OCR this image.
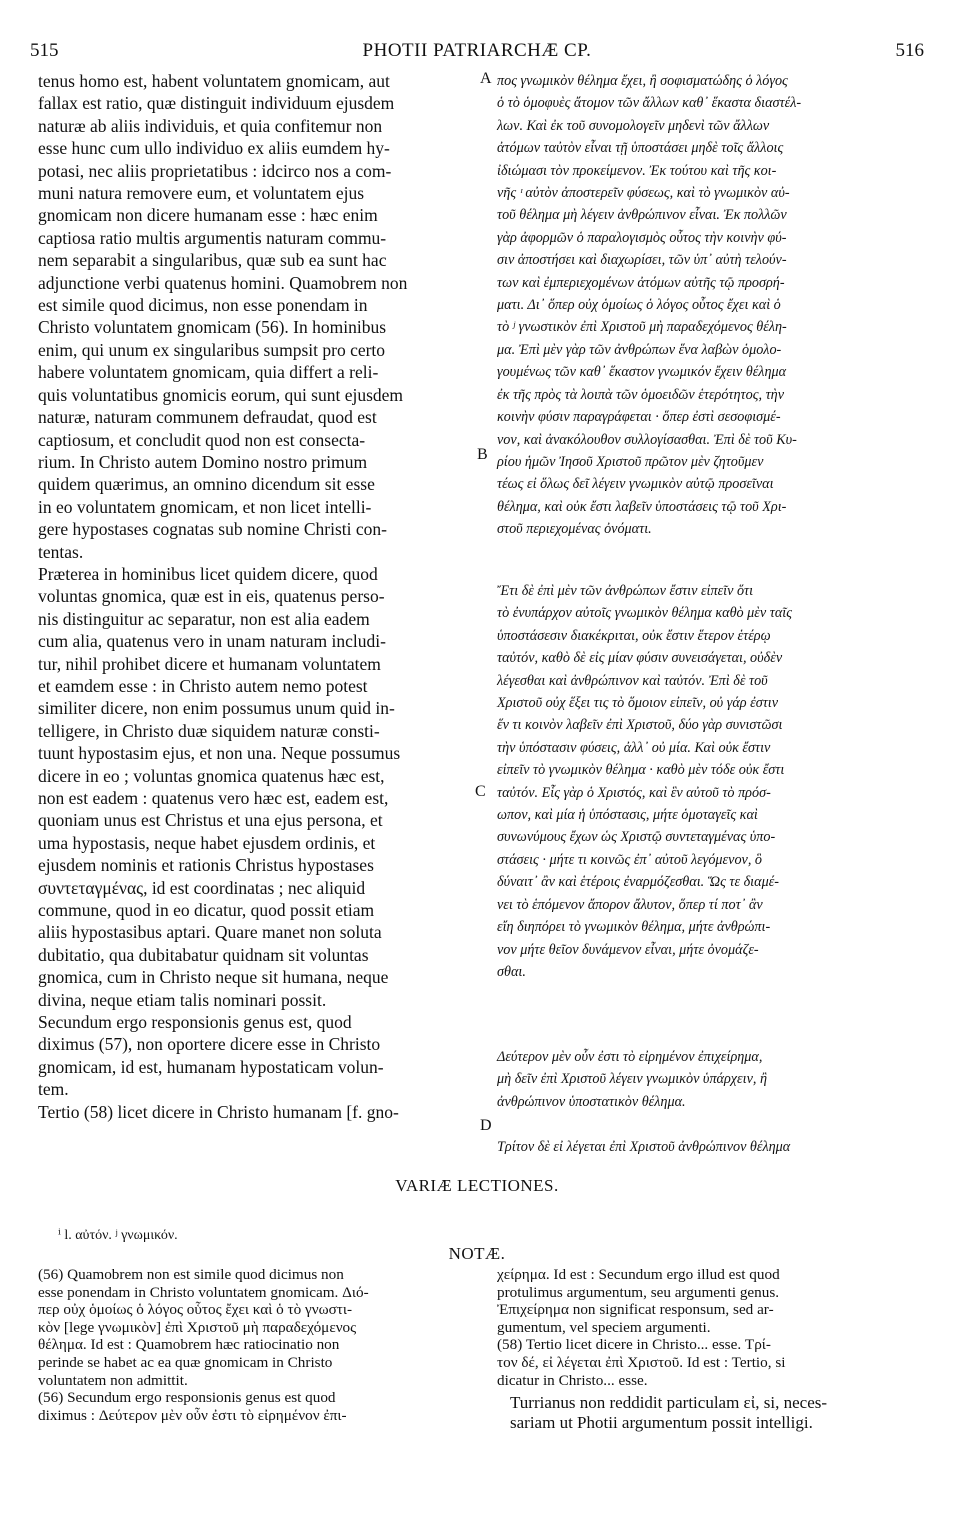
515	PHOTII PATRIARCHÆ CP.	516
tenus homo est, habent voluntatem gnomicam, aut
fallax est ratio, quæ distinguit individuum ejusdem
naturæ ab aliis individuis, et quia confitemur non
esse hunc cum ullo individuo ex aliis eumdem hy-
potasi, nec aliis proprietatibus : idcirco nos a com-
muni natura removere eum, et voluntatem ejus
gnomicam non dicere humanam esse : hæc enim
captiosa ratio multis argumentis naturam commu-
nem separabit a singularibus, quæ sub ea sunt hac
adjunctione verbi quatenus homini. Quamobrem non
est simile quod dicimus, non esse ponendam in
Christo voluntatem gnomicam (56). In hominibus
enim, qui unum ex singularibus sumpsit pro certo
habere voluntatem gnomicam, quia differt a reli-
quis voluntatibus gnomicis eorum, qui sunt ejusdem
naturæ, naturam communem defraudat, quod est
captiosum, et concludit quod non est consecta-
rium. In Christo autem Domino nostro primum
quidem quærimus, an omnino dicendum sit esse
in eo voluntatem gnomicam, et non licet intelli-
gere hypostases cognatas sub nomine Christi con-
tentas.
Præterea in hominibus licet quidem dicere, quod
voluntas gnomica, quæ est in eis, quatenus perso-
nis distinguitur ac separatur, non est alia eadem
cum alia, quatenus vero in unam naturam includi-
tur, nihil prohibet dicere et humanam voluntatem
et eamdem esse : in Christo autem nemo potest
similiter dicere, non enim possumus unum quid in-
telligere, in Christo duæ siquidem naturæ consti-
tuunt hypostasim ejus, et non una. Neque possumus
dicere in eo ; voluntas gnomica quatenus hæc est,
non est eadem : quatenus vero hæc est, eadem est,
quoniam unus est Christus et una ejus persona, et
uma hypostasis, neque habet ejusdem ordinis, et
ejusdem nominis et rationis Christus hypostases
συντεταγμένας, id est coordinatas ; nec aliquid
commune, quod in eo dicatur, quod possit etiam
aliis hypostasibus aptari. Quare manet non soluta
dubitatio, qua dubitabatur quidnam sit voluntas
gnomica, cum in Christo neque sit humana, neque
divina, neque etiam talis nominari possit.
Secundum ergo responsionis genus est, quod
diximus (57), non oportere dicere esse in Christo
gnomicam, id est, humanam hypostaticam volun-
tem.
Tertio (58) licet dicere in Christo humanam [f. gno-
πος γνωμικὸν θέλημα ἔχει, ἢ σοφισματώδης ὁ λόγος
ὁ τὸ ὁμοφυὲς ἄτομον τῶν ἄλλων καθ᾽ ἕκαστα διαστέλ-
λων. Καὶ ἐκ τοῦ συνομολογεῖν μηδενὶ τῶν ἄλλων
ἀτόμων ταὐτὸν εἶναι τῇ ὑποστάσει μηδὲ τοῖς ἄλλοις
ἰδιώμασι τὸν προκείμενον. Ἐκ τούτου καὶ τῆς κοι-
νῆς ᶦ αὐτὸν ἀποστερεῖν φύσεως, καὶ τὸ γνωμικὸν αὐ-
τοῦ θέλημα μὴ λέγειν ἀνθρώπινον εἶναι. Ἐκ πολλῶν
γὰρ ἀφορμῶν ὁ παραλογισμὸς οὗτος τὴν κοινὴν φύ-
σιν ἀποστήσει καὶ διαχωρίσει, τῶν ὑπ᾽ αὐτὴ τελούν-
των καὶ ἐμπεριεχομένων ἀτόμων αὐτῆς τῷ προσρή-
ματι. Δι᾽ ὅπερ οὐχ ὁμοίως ὁ λόγος οὗτος ἔχει καὶ ὁ
τὸ ʲ γνωστικὸν ἐπὶ Χριστοῦ μὴ παραδεχόμενος θέλη-
μα. Ἐπὶ μὲν γὰρ τῶν ἀνθρώπων ἕνα λαβὼν ὁμολο-
γουμένως τῶν καθ᾽ ἕκαστον γνωμικόν ἔχειν θέλημα
ἐκ τῆς πρὸς τὰ λοιπὰ τῶν ὁμοειδῶν ἑτερότητος, τὴν
κοινὴν φύσιν παραγράφεται · ὅπερ ἐστὶ σεσοφισμέ-
νον, καὶ ἀνακόλουθον συλλογίσασθαι. Ἐπὶ δὲ τοῦ Κυ-
ρίου ἡμῶν Ἰησοῦ Χριστοῦ πρῶτον μὲν ζητοῦμεν
τέως εἰ ὅλως δεῖ λέγειν γνωμικὸν αὐτῷ προσεῖναι
θέλημα, καὶ οὐκ ἔστι λαβεῖν ὑποστάσεις τῷ τοῦ Χρι-
στοῦ περιεχομένας ὀνόματι.
Ἔτι δὲ ἐπὶ μὲν τῶν ἀνθρώπων ἔστιν εἰπεῖν ὅτι
τὸ ἐνυπάρχον αὐτοῖς γνωμικὸν θέλημα καθὸ μὲν ταῖς
ὑποστάσεσιν διακέκριται, οὐκ ἔστιν ἕτερον ἑτέρῳ
ταὐτόν, καθὸ δὲ εἰς μίαν φύσιν συνεισάγεται, οὐδὲν
λέγεσθαι καὶ ἀνθρώπινον καὶ ταὐτόν. Ἐπὶ δὲ τοῦ
Χριστοῦ οὐχ ἕξει τις τὸ ὅμοιον εἰπεῖν, οὐ γάρ ἐστιν
ἕν τι κοινὸν λαβεῖν ἐπὶ Χριστοῦ, δύο γὰρ συνιστῶσι
τὴν ὑπόστασιν φύσεις, ἀλλ᾽ οὐ μία. Καὶ οὐκ ἔστιν
εἰπεῖν τὸ γνωμικὸν θέλημα · καθὸ μὲν τόδε οὐκ ἔστι
ταὐτόν. Εἷς γὰρ ὁ Χριστός, καὶ ἓν αὐτοῦ τὸ πρόσ-
ωπον, καὶ μία ἡ ὑπόστασις, μήτε ὁμοταγεῖς καὶ
συνωνύμους ἔχων ὡς Χριστῷ συντεταγμένας ὑπο-
στάσεις · μήτε τι κοινῶς ἐπ᾽ αὐτοῦ λεγόμενον, ὃ
δύναιτ᾽ ἂν καὶ ἑτέροις ἐναρμόζεσθαι. Ὥς τε διαμέ-
νει τὸ ἑπόμενον ἄπορον ἄλυτον, ὅπερ τί ποτ᾽ ἂν
εἴη διηπόρει τὸ γνωμικὸν θέλημα, μήτε ἀνθρώπι-
νον μήτε θεῖον δυνάμενον εἶναι, μήτε ὀνομάζε-
σθαι.
Δεύτερον μὲν οὖν ἐστι τὸ εἰρημένον ἐπιχείρημα,
μὴ δεῖν ἐπὶ Χριστοῦ λέγειν γνωμικὸν ὑπάρχειν, ἢ
ἀνθρώπινον ὑποστατικὸν θέλημα.
Τρίτον δὲ εἰ λέγεται ἐπὶ Χριστοῦ ἀνθρώπινον θέλημα
A
B
C
D
VARIÆ LECTIONES.
ⁱ l. αὐτόν. ʲ γνωμικόν.
NOTÆ.
(56) Quamobrem non est simile quod dicimus non
esse ponendam in Christo voluntatem gnomicam. Διό-
περ οὐχ ὁμοίως ὁ λόγος οὗτος ἔχει καὶ ὁ τὸ γνωστι-
κὸν [lege γνωμικὸν] ἐπὶ Χριστοῦ μὴ παραδεχόμενος
θέλημα. Id est : Quamobrem hæc ratiocinatio non
perinde se habet ac ea quæ gnomicam in Christo
voluntatem non admittit.
(56) Secundum ergo responsionis genus est quod
diximus : Δεύτερον μὲν οὖν ἐστι τὸ εἰρημένον ἐπι-
χείρημα. Id est : Secundum ergo illud est quod
protulimus argumentum, seu argumenti genus.
Ἐπιχείρημα non significat responsum, sed ar-
gumentum, vel speciem argumenti.
(58) Tertio licet dicere in Christo... esse. Τρί-
τον δέ, εἰ λέγεται ἐπὶ Χριστοῦ. Id est : Tertio, si
dicatur in Christo... esse.
Turrianus non reddidit particulam εἰ, si, neces-
sariam ut Photii argumentum possit intelligi.
